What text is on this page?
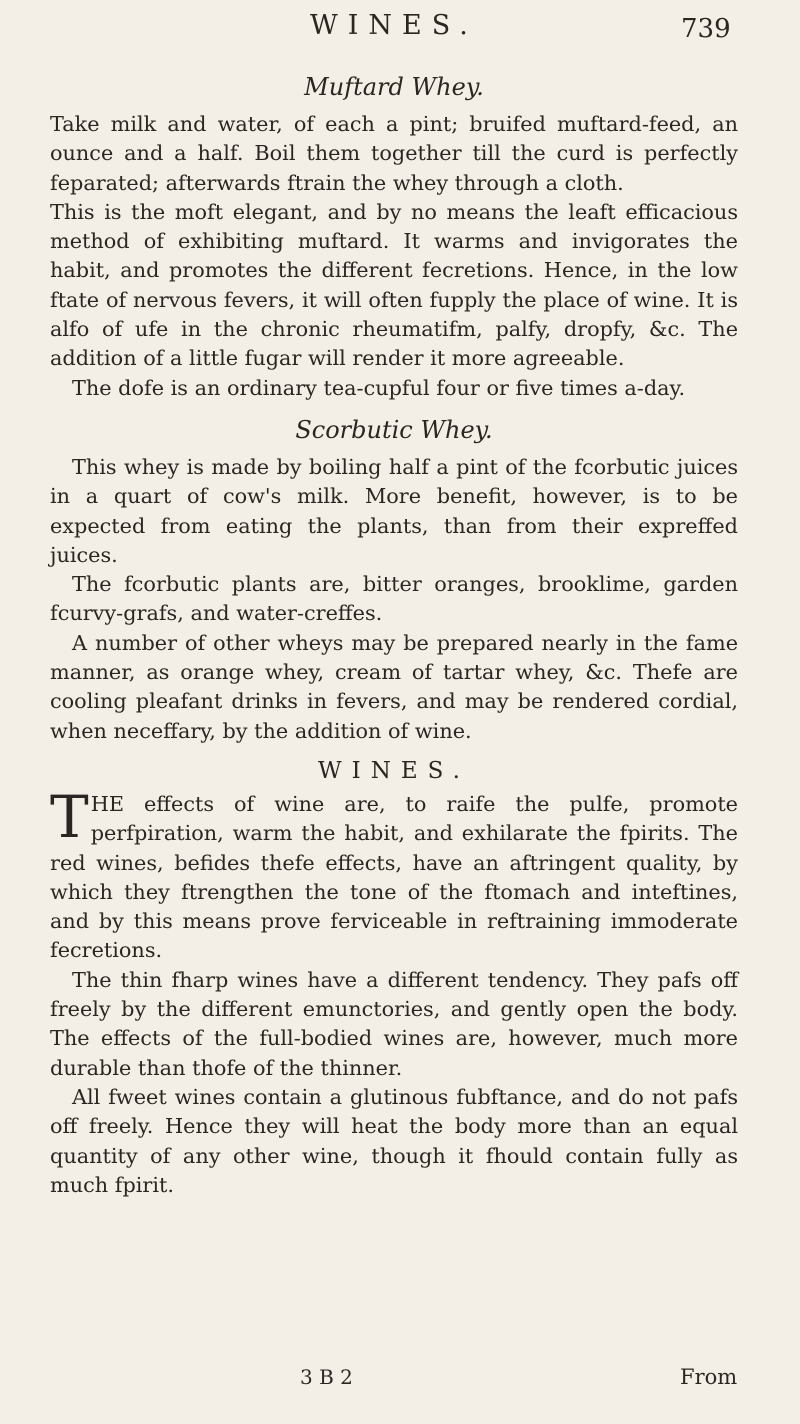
WINES.	739
Muftard Whey.

Take milk and water, of each a pint; bruifed muftard-feed, an ounce and a half. Boil them together till the curd is perfectly feparated; afterwards ftrain the whey through a cloth.

This is the moft elegant, and by no means the leaft efficacious method of exhibiting muftard. It warms and invigorates the habit, and promotes the different fecretions. Hence, in the low ftate of nervous fevers, it will often fupply the place of wine. It is alfo of ufe in the chronic rheumatifm, palfy, dropfy, &c. The addition of a little fugar will render it more agreeable.

The dofe is an ordinary tea-cupful four or five times a-day.

Scorbutic Whey.

This whey is made by boiling half a pint of the fcorbutic juices in a quart of cow's milk. More benefit, however, is to be expected from eating the plants, than from their expreffed juices.

The fcorbutic plants are, bitter oranges, brooklime, garden fcurvy-grafs, and water-creffes.

A number of other wheys may be prepared nearly in the fame manner, as orange whey, cream of tartar whey, &c. Thefe are cooling pleafant drinks in fevers, and may be rendered cordial, when neceffary, by the addition of wine.

WINES.

THE effects of wine are, to raife the pulfe, promote perfpiration, warm the habit, and exhilarate the fpirits. The red wines, befides thefe effects, have an aftringent quality, by which they ftrengthen the tone of the ftomach and inteftines, and by this means prove ferviceable in reftraining immoderate fecretions.

The thin fharp wines have a different tendency. They pafs off freely by the different emunctories, and gently open the body. The effects of the full-bodied wines are, however, much more durable than thofe of the thinner.

All fweet wines contain a glutinous fubftance, and do not pafs off freely. Hence they will heat the body more than an equal quantity of any other wine, though it fhould contain fully as much fpirit.

3 B 2	From
